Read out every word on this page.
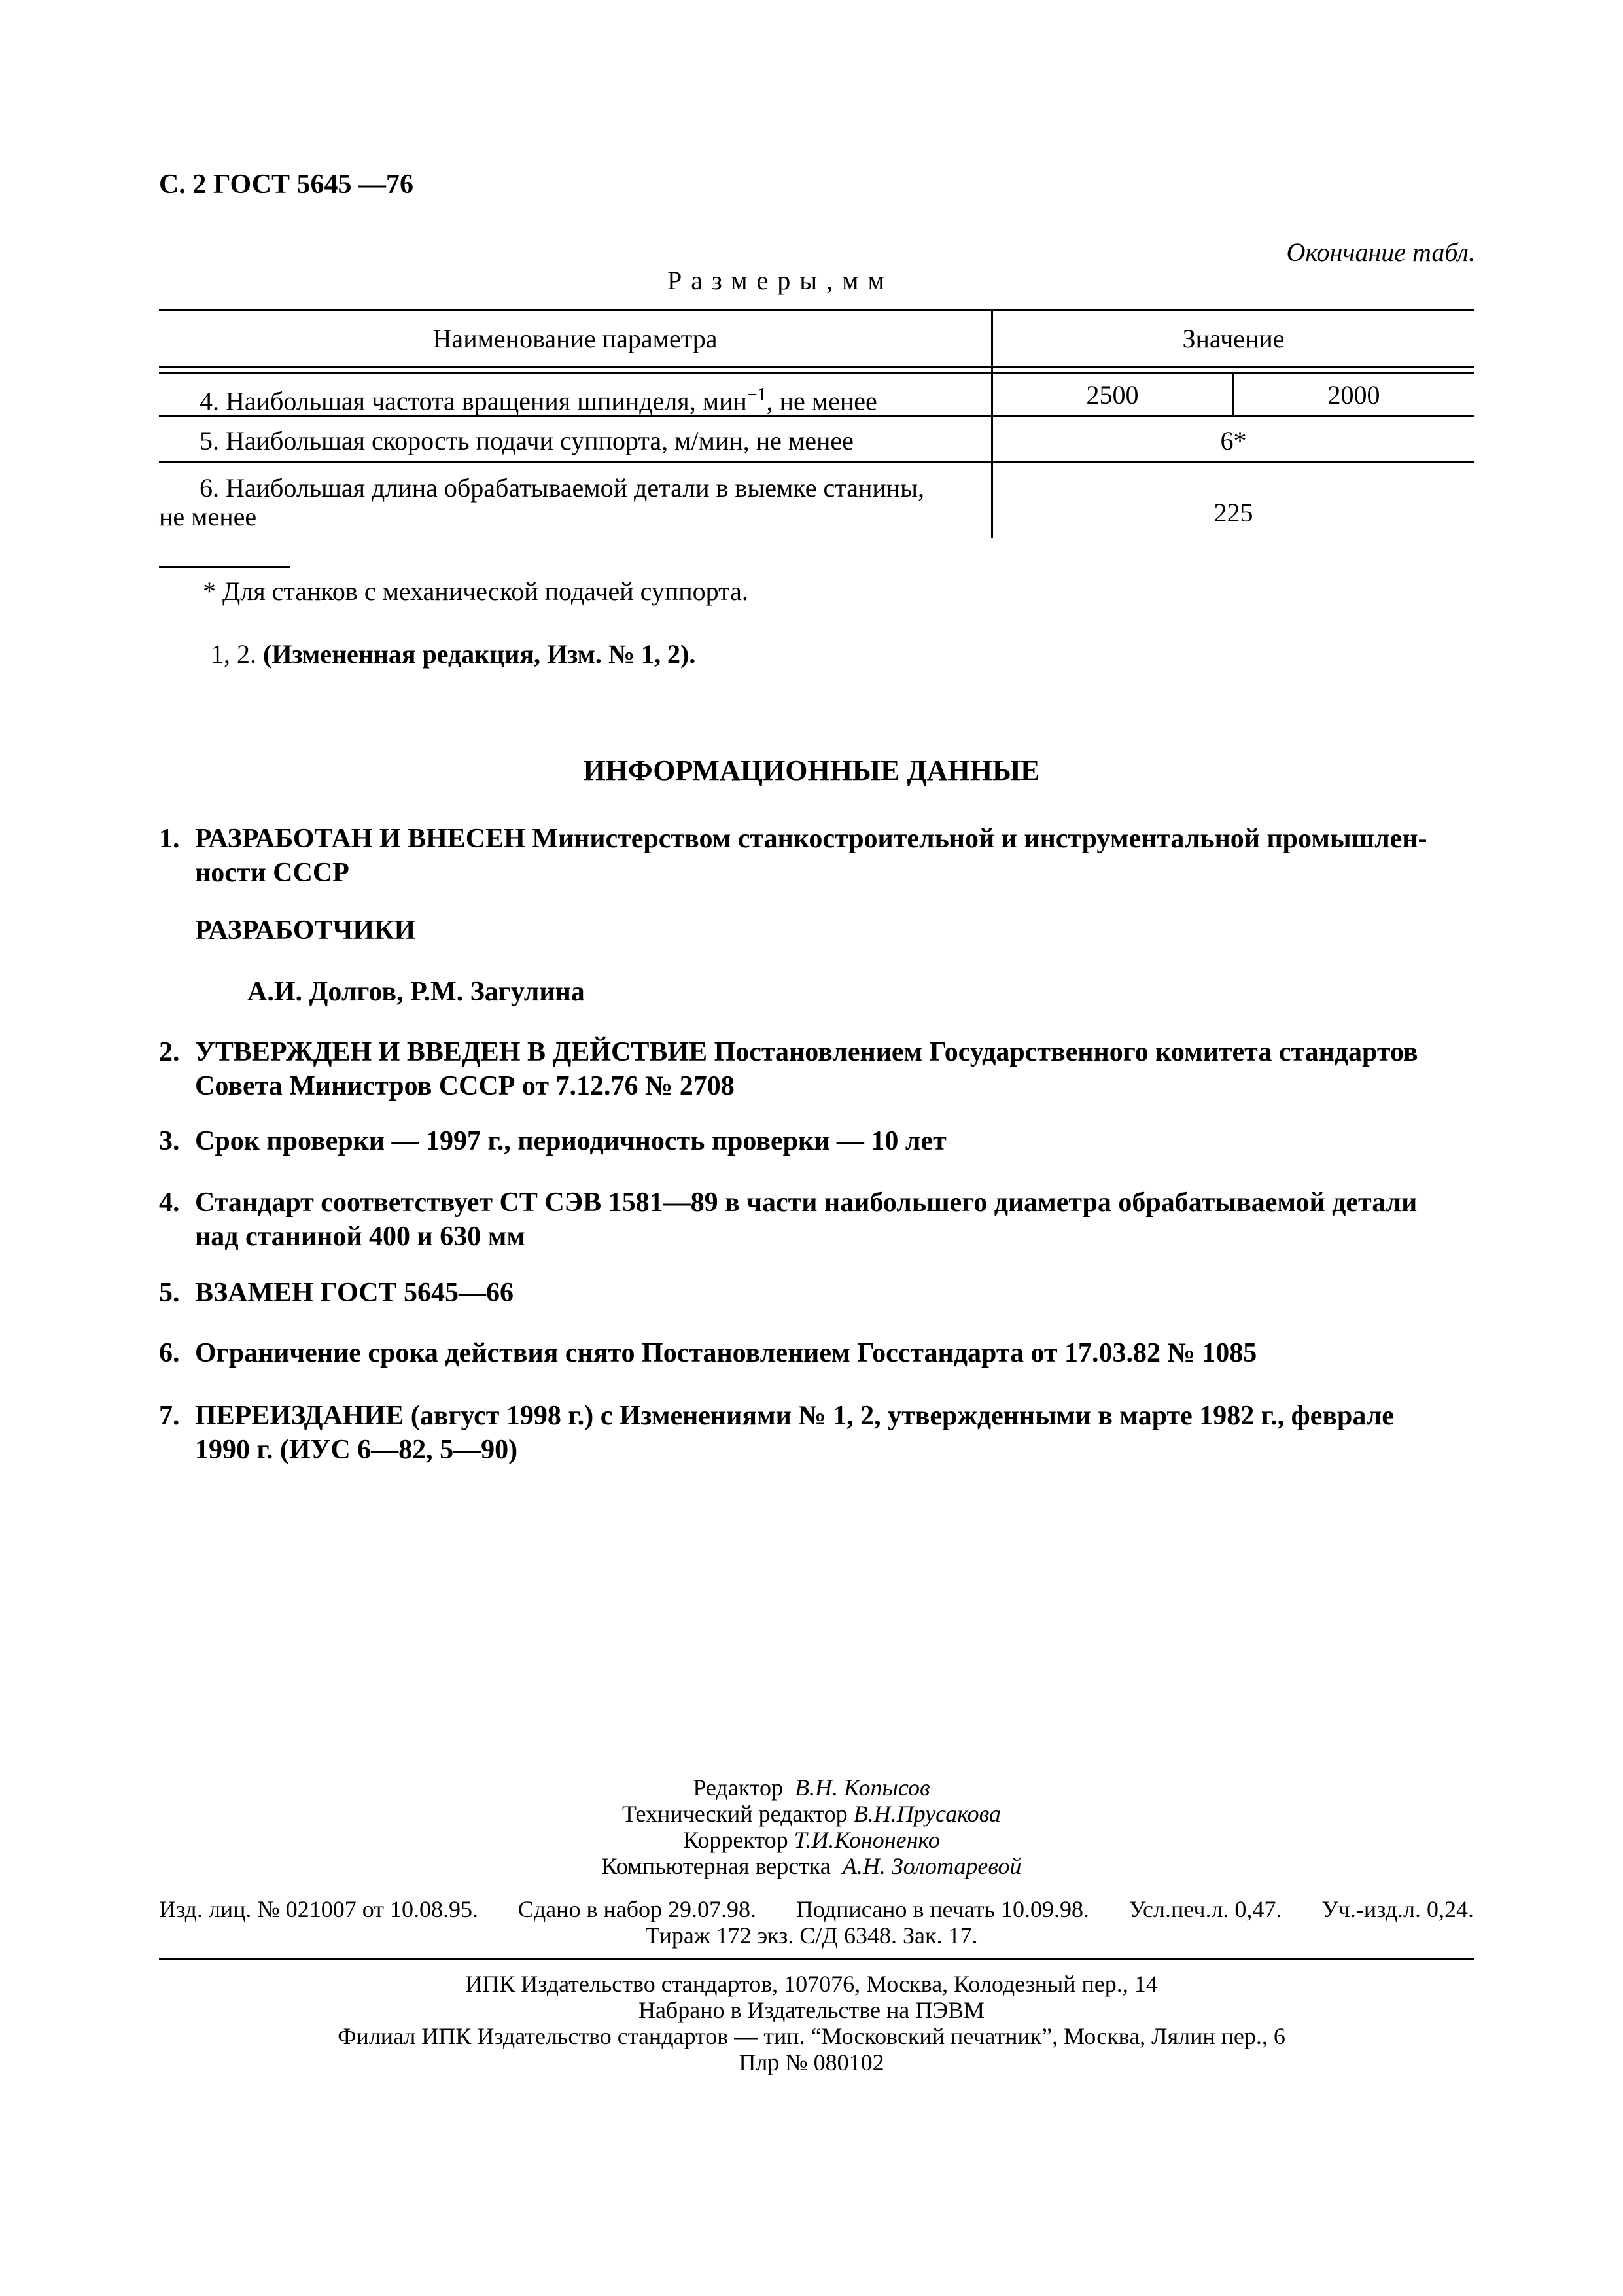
С. 2 ГОСТ 5645 —76
Окончание табл.
Размеры,мм
Наименование параметра	Значение
4. Наибольшая частота вращения шпинделя, мин$^{-1}$, не менее	2500	2000
5. Наибольшая скорость подачи суппорта, м/мин, не менее	6*
6. Наибольшая длина обрабатываемой детали в выемке станины,
не менее	225
* Для станков с механической подачей суппорта.
1, 2. (Измененная редакция, Изм. № 1, 2).
ИНФОРМАЦИОННЫЕ ДАННЫЕ
1. РАЗРАБОТАН И ВНЕСЕН Министерством станкостроительной и инструментальной промышлен-
ности СССР
РАЗРАБОТЧИКИ
А.И. Долгов, Р.М. Загулина
2. УТВЕРЖДЕН И ВВЕДЕН В ДЕЙСТВИЕ Постановлением Государственного комитета стандартов
Совета Министров СССР от 7.12.76 № 2708
3. Срок проверки — 1997 г., периодичность проверки — 10 лет
4. Стандарт соответствует СТ СЭВ 1581—89 в части наибольшего диаметра обрабатываемой детали
над станиной 400 и 630 мм
5. ВЗАМЕН ГОСТ 5645—66
6. Ограничение срока действия снято Постановлением Госстандарта от 17.03.82 № 1085
7. ПЕРЕИЗДАНИЕ (август 1998 г.) с Изменениями № 1, 2, утвержденными в марте 1982 г., феврале
1990 г. (ИУС 6—82, 5—90)
Редактор В.Н. Копысов
Технический редактор В.Н.Прусакова
Корректор Т.И.Кононенко
Компьютерная верстка А.Н. Золотаревой
Изд. лиц. № 021007 от 10.08.95. Сдано в набор 29.07.98. Подписано в печать 10.09.98. Усл.печ.л. 0,47. Уч.-изд.л. 0,24.
Тираж 172 экз. С/Д 6348. Зак. 17.
ИПК Издательство стандартов, 107076, Москва, Колодезный пер., 14
Набрано в Издательстве на ПЭВМ
Филиал ИПК Издательство стандартов — тип. “Московский печатник”, Москва, Лялин пер., 6
Плр № 080102
